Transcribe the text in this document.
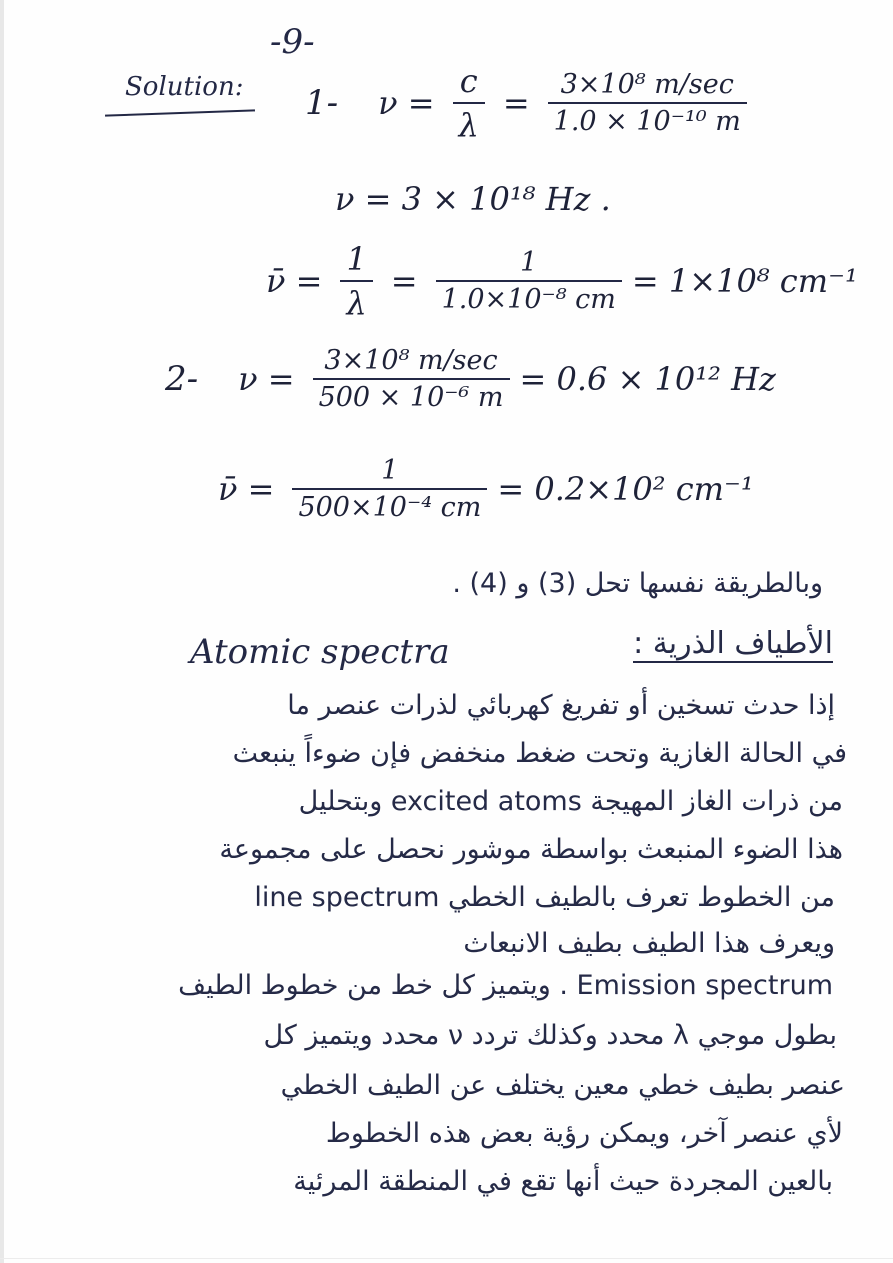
-9-
Solution: 1- $\nu = \frac{c}{\lambda} = \frac{\text{3×10⁸ m/sec}}{\text{1.0 × 10⁻¹⁰ m}}$
ν = 3 × 10¹⁸ Hz .
ν̄ = $\frac{1}{\lambda} = \frac{1}{\text{1.0×10⁻⁸ cm}} = 1\times 10^8$ cm⁻¹
2- $\nu = \frac{\text{3×10⁸ m/sec}}{\text{500 × 10⁻⁶ m}} = 0.6 \times 10^{12}$ Hz
ν̄ = $\frac{1}{\text{500×10⁻⁴ cm}} = 0.2\times 10^2$ cm⁻¹
وبالطريقة نفسها تحل (3) و (4) .
Atomic spectra	الأطياف الذرية :
إذا حدث تسخين أو تفريغ كهربائي لذرات عنصر ما
في الحالة الغازية وتحت ضغط منخفض فإن ضوءاً ينبعث
من ذرات الغاز المهيجة excited atoms وبتحليل
هذا الضوء المنبعث بواسطة موشور نحصل على مجموعة
من الخطوط تعرف بالطيف الخطي line spectrum
ويعرف هذا الطيف بطيف الانبعاث
Emission spectrum . ويتميز كل خط من خطوط الطيف
بطول موجي λ محدد وكذلك تردد ν محدد ويتميز كل
عنصر بطيف خطي معين يختلف عن الطيف الخطي
لأي عنصر آخر، ويمكن رؤية بعض هذه الخطوط
بالعين المجردة حيث أنها تقع في المنطقة المرئية
